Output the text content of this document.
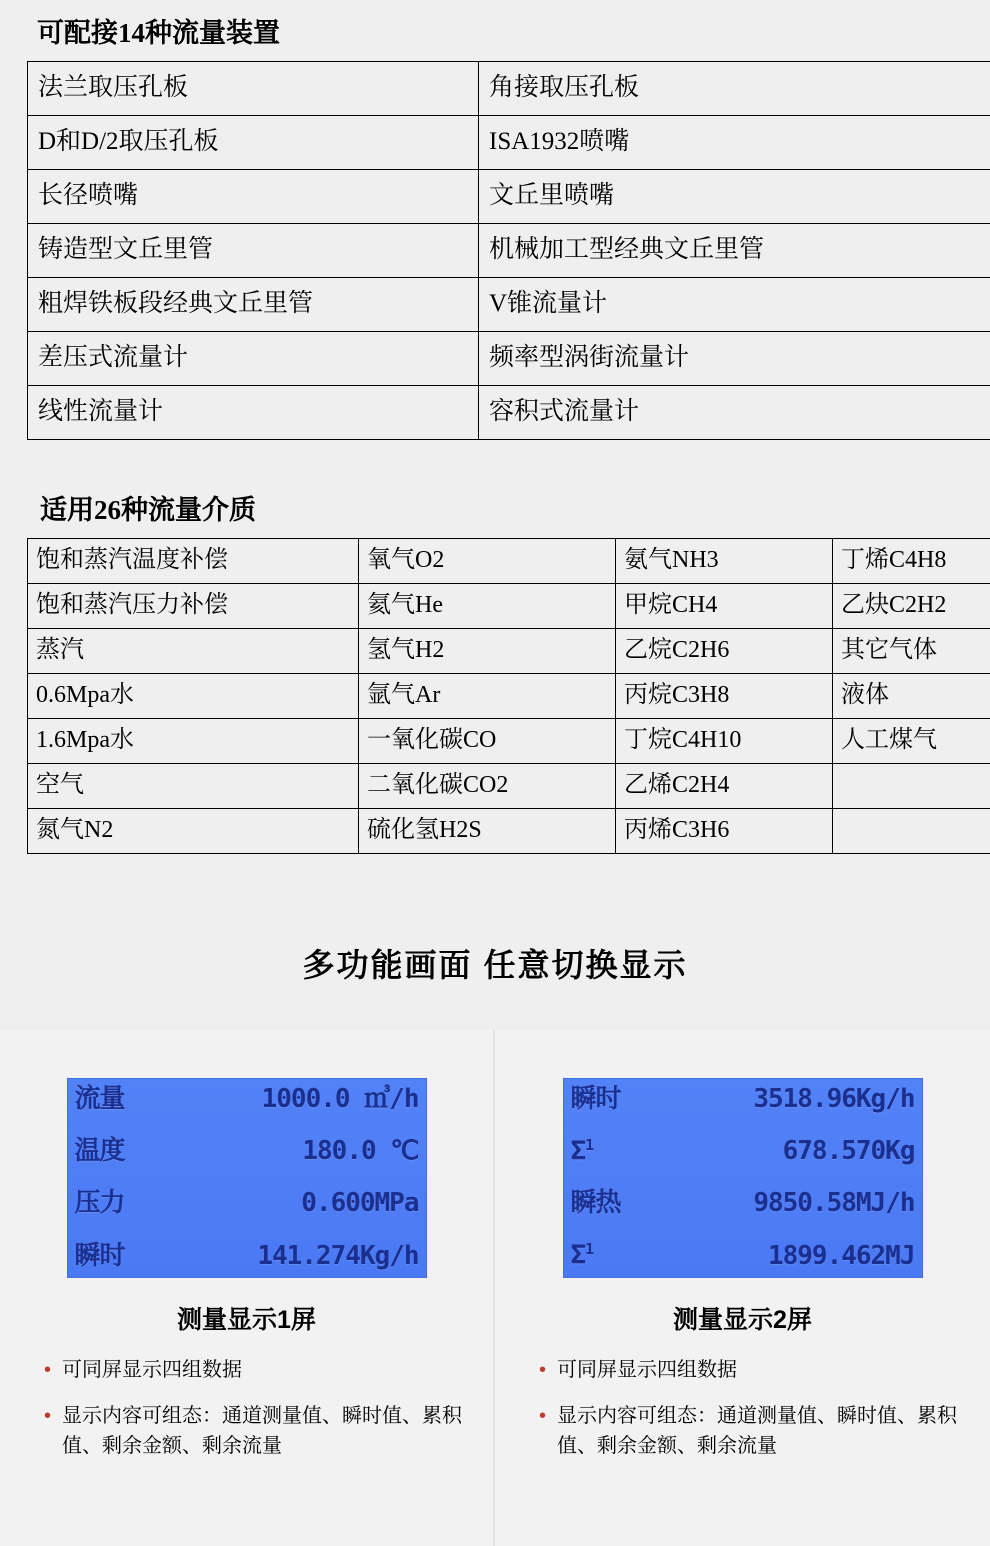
可配接14种流量装置
法兰取压孔板	角接取压孔板
D和D/2取压孔板	ISA1932喷嘴
长径喷嘴	文丘里喷嘴
铸造型文丘里管	机械加工型经典文丘里管
粗焊铁板段经典文丘里管	V锥流量计
差压式流量计	频率型涡街流量计
线性流量计	容积式流量计
适用26种流量介质
饱和蒸汽温度补偿	氧气O2	氨气NH3	丁烯C4H8
饱和蒸汽压力补偿	氦气He	甲烷CH4	乙炔C2H2
蒸汽	氢气H2	乙烷C2H6	其它气体
0.6Mpa水	氩气Ar	丙烷C3H8	液体
1.6Mpa水	一氧化碳CO	丁烷C4H10	人工煤气
空气	二氧化碳CO2	乙烯C2H4	
氮气N2	硫化氢H2S	丙烯C3H6	
多功能画面 任意切换显示
流量	1000.0 ㎥/h
温度	180.0 ℃
压力	0.600MPa
瞬时	141.274Kg/h
测量显示1屏
• 可同屏显示四组数据
• 显示内容可组态：通道测量值、瞬时值、累积值、剩余金额、剩余流量
瞬时	3518.96Kg/h
$\Sigma^1$	678.570Kg
瞬热	9850.58MJ/h
$\Sigma^1$	1899.462MJ
测量显示2屏
• 可同屏显示四组数据
• 显示内容可组态：通道测量值、瞬时值、累积值、剩余金额、剩余流量
